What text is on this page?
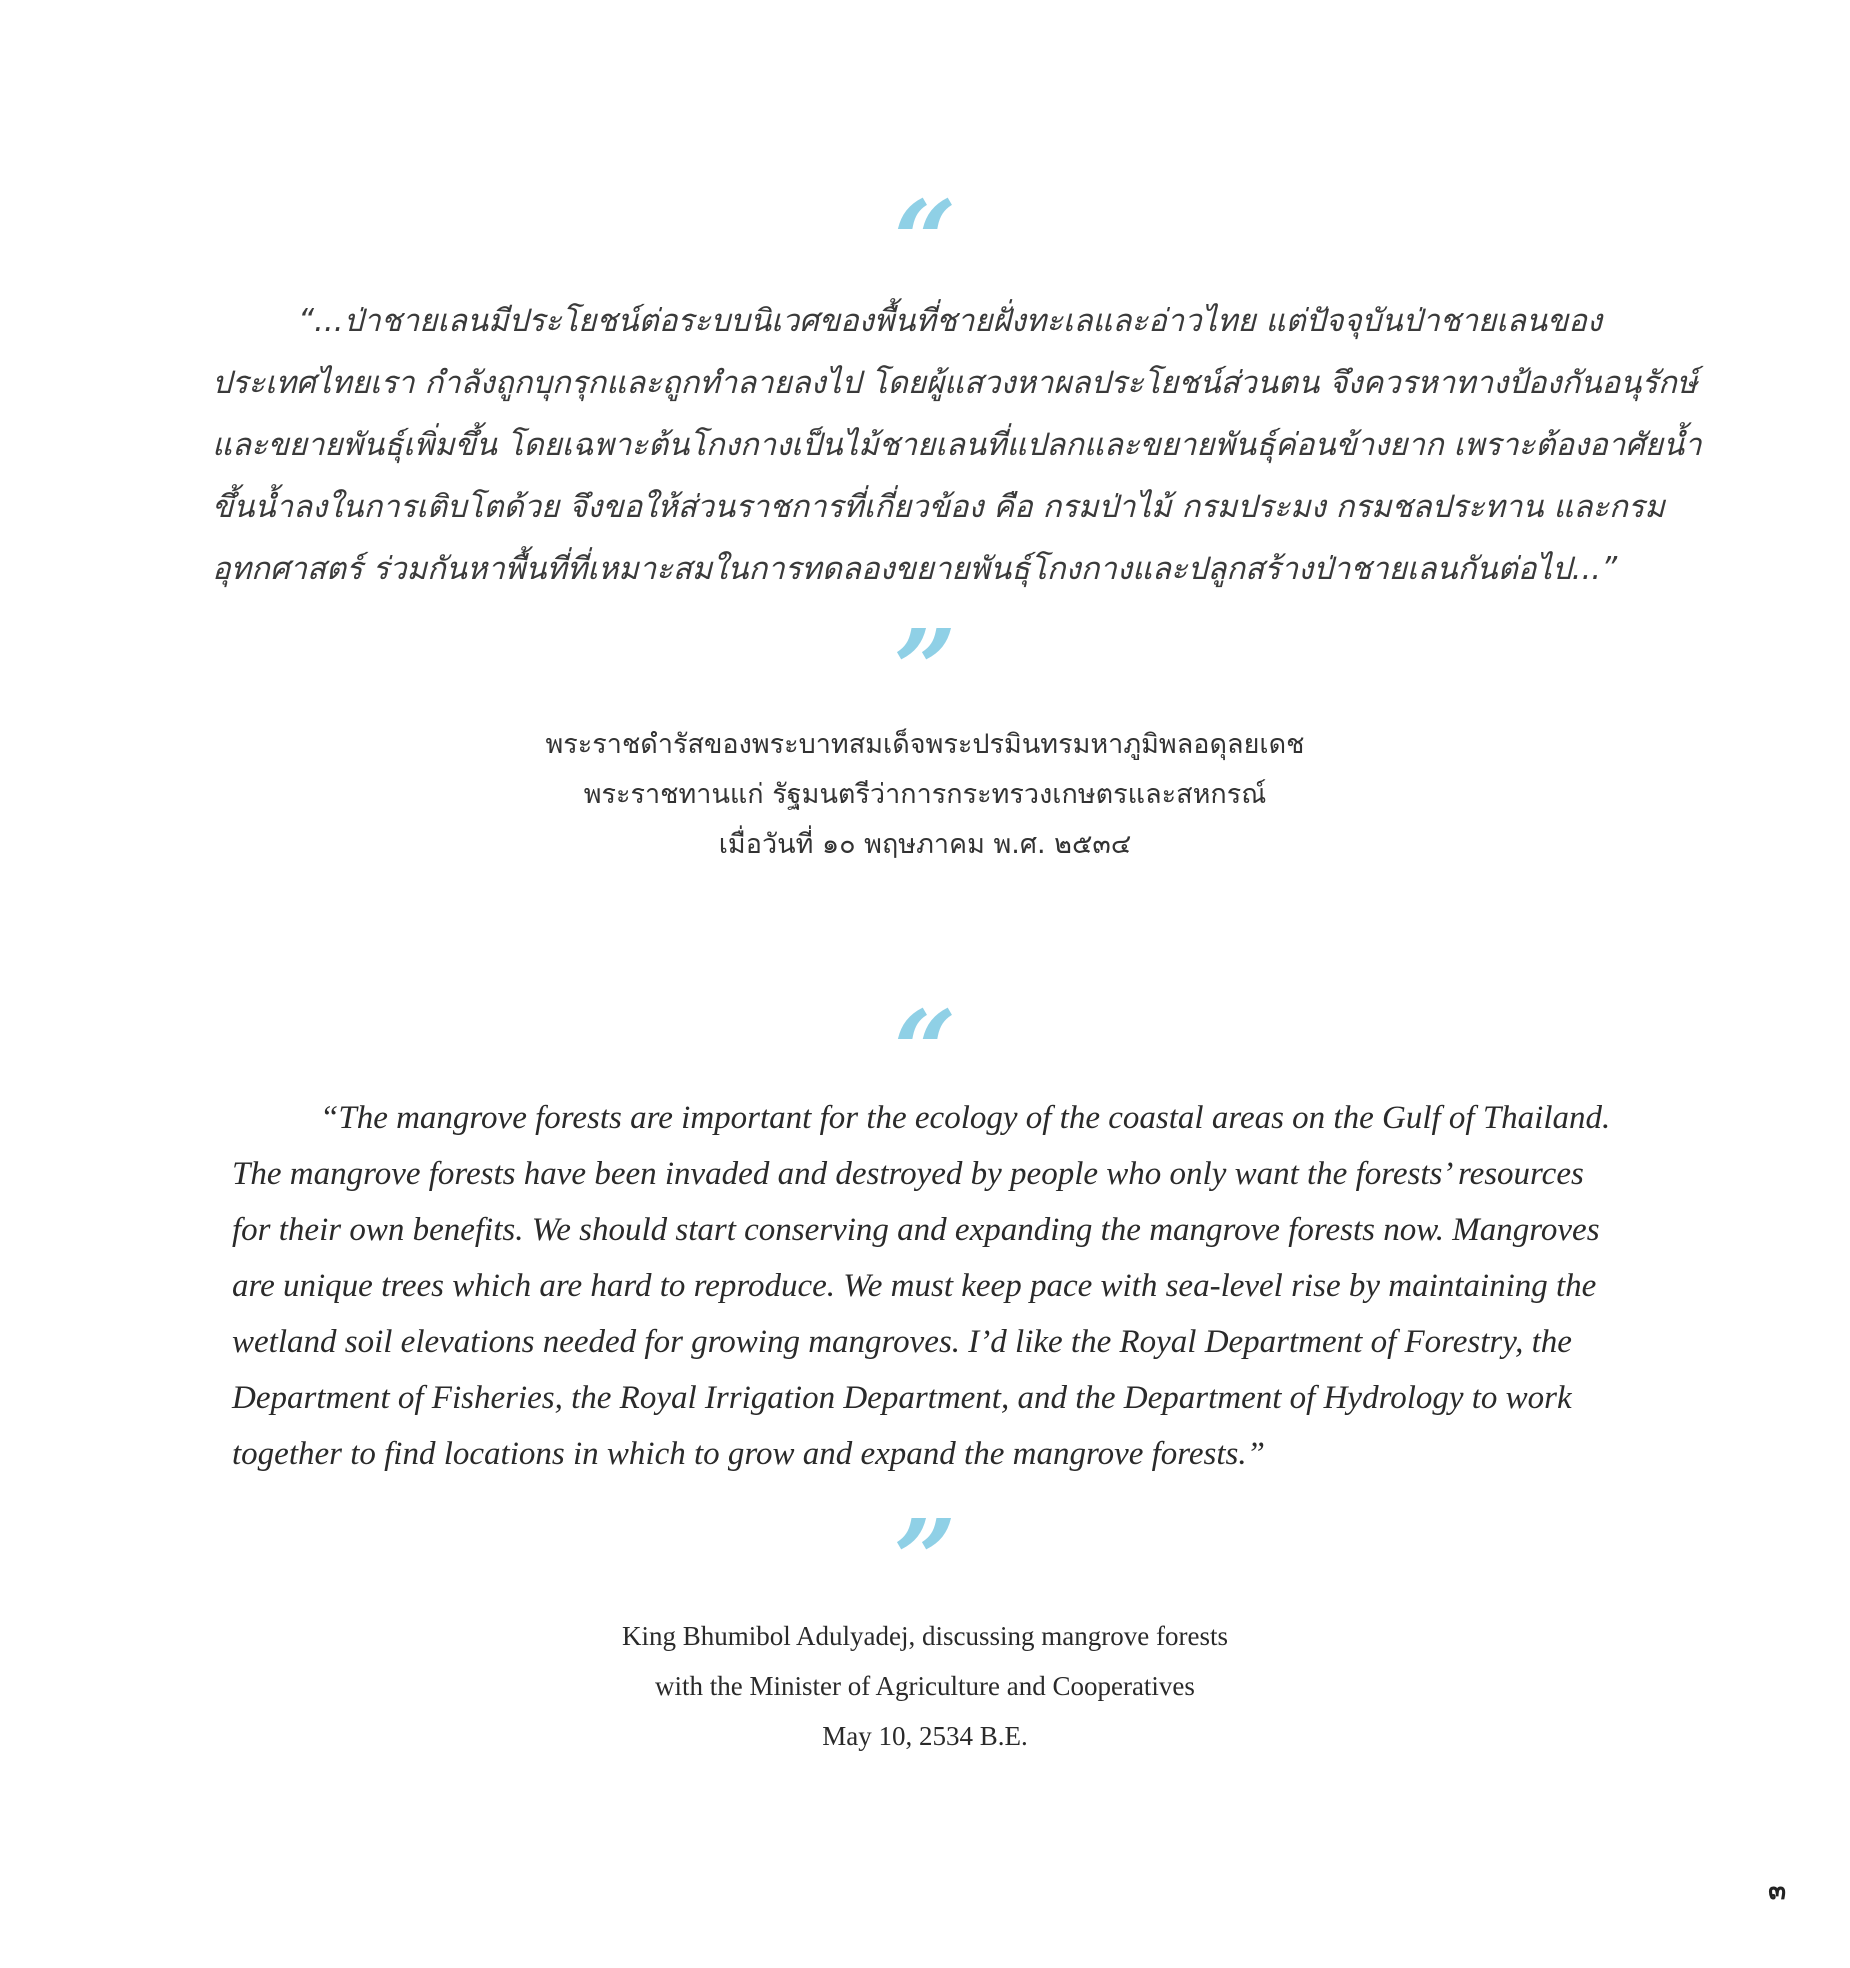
“
“...ป่าชายเลนมีประโยชน์ต่อระบบนิเวศของพื้นที่ชายฝั่งทะเลและอ่าวไทย แต่ปัจจุบันป่าชายเลนของ
ประเทศไทยเรา กำลังถูกบุกรุกและถูกทำลายลงไป โดยผู้แสวงหาผลประโยชน์ส่วนตน จึงควรหาทางป้องกันอนุรักษ์
และขยายพันธุ์เพิ่มขึ้น โดยเฉพาะต้นโกงกางเป็นไม้ชายเลนที่แปลกและขยายพันธุ์ค่อนข้างยาก เพราะต้องอาศัยน้ำ
ขึ้นน้ำลงในการเติบโตด้วย จึงขอให้ส่วนราชการที่เกี่ยวข้อง คือ กรมป่าไม้ กรมประมง กรมชลประทาน และกรม
อุทกศาสตร์ ร่วมกันหาพื้นที่ที่เหมาะสมในการทดลองขยายพันธุ์โกงกางและปลูกสร้างป่าชายเลนกันต่อไป...”
”
พระราชดำรัสของพระบาทสมเด็จพระปรมินทรมหาภูมิพลอดุลยเดช
พระราชทานแก่ รัฐมนตรีว่าการกระทรวงเกษตรและสหกรณ์
เมื่อวันที่ ๑๐ พฤษภาคม พ.ศ. ๒๕๓๔
“
“The mangrove forests are important for the ecology of the coastal areas on the Gulf of Thailand.
The mangrove forests have been invaded and destroyed by people who only want the forests’ resources
for their own benefits. We should start conserving and expanding the mangrove forests now. Mangroves
are unique trees which are hard to reproduce. We must keep pace with sea-level rise by maintaining the
wetland soil elevations needed for growing mangroves. I’d like the Royal Department of Forestry, the
Department of Fisheries, the Royal Irrigation Department, and the Department of Hydrology to work
together to find locations in which to grow and expand the mangrove forests.”
”
King Bhumibol Adulyadej, discussing mangrove forests
with the Minister of Agriculture and Cooperatives
May 10, 2534 B.E.
๓
